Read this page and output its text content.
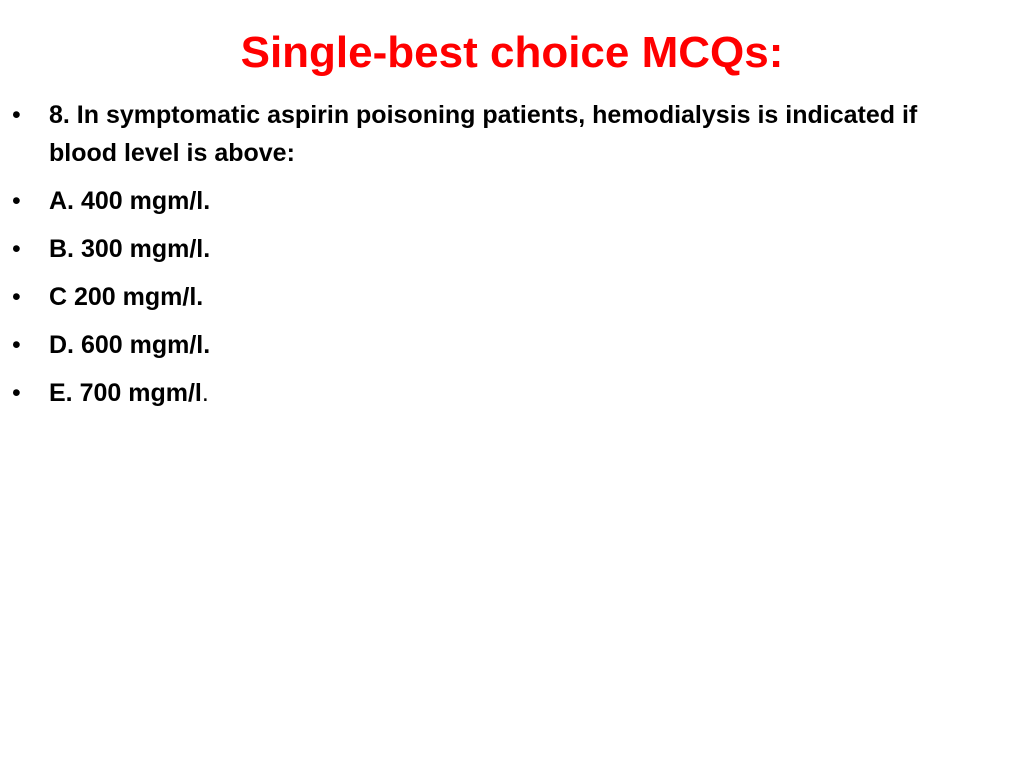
Single-best choice MCQs:
•	8. In symptomatic aspirin poisoning patients, hemodialysis is indicated if blood level is above:
•	A. 400 mgm/l.
•	B. 300 mgm/l.
•	C 200 mgm/l.
•	D. 600 mgm/l.
•	E. 700 mgm/l.
